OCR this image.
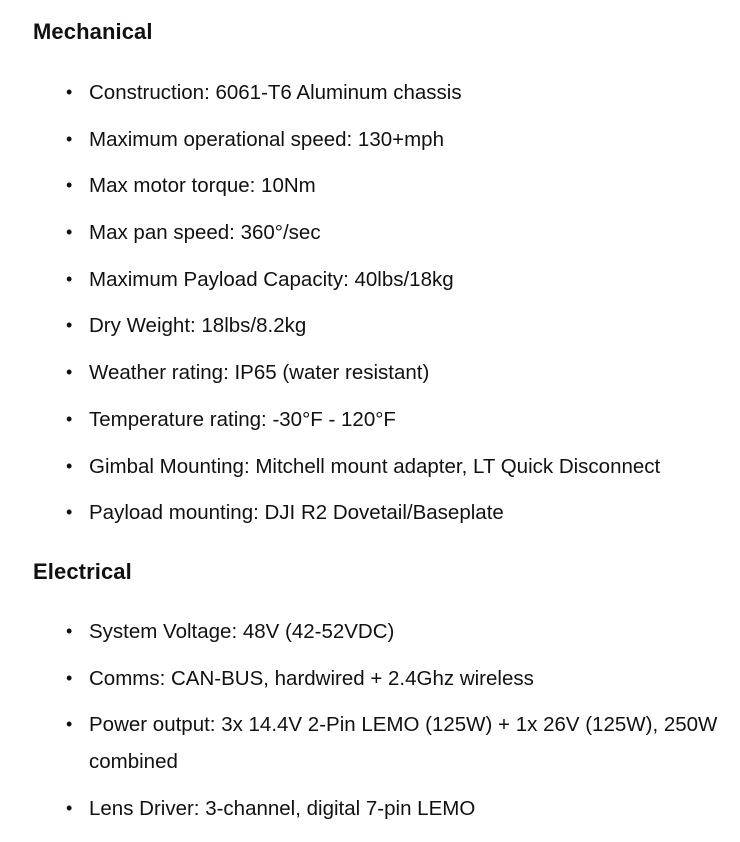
Mechanical
• Construction: 6061-T6 Aluminum chassis
• Maximum operational speed: 130+mph
• Max motor torque: 10Nm
• Max pan speed: 360°/sec
• Maximum Payload Capacity: 40lbs/18kg
• Dry Weight: 18lbs/8.2kg
• Weather rating: IP65 (water resistant)
• Temperature rating: -30°F - 120°F
• Gimbal Mounting: Mitchell mount adapter, LT Quick Disconnect
• Payload mounting: DJI R2 Dovetail/Baseplate
Electrical
• System Voltage: 48V (42-52VDC)
• Comms: CAN-BUS, hardwired + 2.4Ghz wireless
• Power output: 3x 14.4V 2-Pin LEMO (125W) + 1x 26V (125W), 250W combined
• Lens Driver: 3-channel, digital 7-pin LEMO
